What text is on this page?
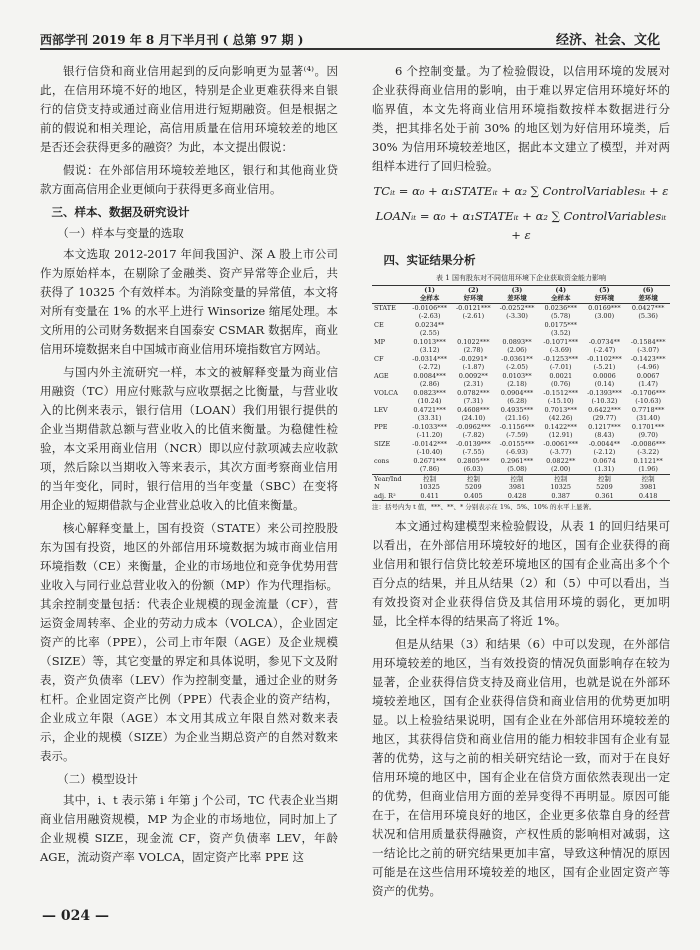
西部学刊 2019 年 8 月下半月刊 ( 总第 97 期 )	经济、社会、文化

银行信贷和商业信用起到的反向影响更为显著⁽⁴⁾。因此，在信用环境不好的地区，特别是企业更难获得来自银行的信贷支持或通过商业信用进行短期融资。但是根据之前的假说和相关理论，高信用质量在信用环境较差的地区是否还会获得更多的融资？为此，本文提出假说：

假说：在外部信用环境较差地区，银行和其他商业贷款方面高信用企业更倾向于获得更多商业信用。

三、样本、数据及研究设计
（一）样本与变量的选取

本文选取 2012-2017 年间我国沪、深 A 股上市公司作为原始样本，在剔除了金融类、资产异常等企业后，共获得了 10325 个有效样本。为消除变量的异常值，本文将对所有变量在 1% 的水平上进行 Winsorize 缩尾处理。本文所用的公司财务数据来自国泰安 CSMAR 数据库，商业信用环境数据来自中国城市商业信用环境指数官方网站。

与国内外主流研究一样，本文的被解释变量为商业信用融资（TC）用应付账款与应收票据之比衡量，与营业收入的比例来表示，银行信用（LOAN）我们用银行提供的企业当期借款总额与营业收入的比值来衡量。为稳健性检验，本文采用商业信用（NCR）即以应付款项减去应收款项，然后除以当期收入等来表示，其次方面考察商业信用的当年变化，同时，银行信用的当年变量（SBC）在变将用企业的短期借款与企业营业总收入的比值来衡量。

核心解释变量上，国有投资（STATE）来公司控股股东为国有投资，地区的外部信用环境数据为城市商业信用环境指数（CE）来衡量，企业的市场地位和竞争优势用营业收入与同行业总营业收入的份额（MP）作为代理指标。其余控制变量包括：代表企业规模的现金流量（CF），营运资金周转率、企业的劳动力成本（VOLCA），企业固定资产的比率（PPE），公司上市年限（AGE）及企业规模（SIZE）等，其它变量的界定和具体说明，参见下文及附表，资产负债率（LEV）作为控制变量，通过企业的财务杠杆。企业固定资产比例（PPE）代表企业的资产结构，企业成立年限（AGE）本文用其成立年限自然对数来表示，企业的规模（SIZE）为企业当期总资产的自然对数来表示。

（二）模型设计

其中，i、t 表示第 i 年第 j 个公司，TC 代表企业当期商业信用融资规模，MP 为企业的市场地位，同时加上了企业规模 SIZE，现金流 CF，资产负债率 LEV，年龄 AGE，流动资产率 VOLCA，固定资产比率 PPE 这

6 个控制变量。为了检验假设，以信用环境的发展对企业获得商业信用的影响，由于难以界定信用环境好坏的临界值，本文先将商业信用环境指数按样本数据进行分类，把其排名处于前 30% 的地区划为好信用环境类，后 30% 为信用环境较差地区，据此本文建立了模型，并对两组样本进行了回归检验。

TCᵢₜ = α₀ + α₁STATEᵢₜ + α₂ ∑ ControlVariablesᵢₜ + ε
LOANᵢₜ = α₀ + α₁STATEᵢₜ + α₂ ∑ ControlVariablesᵢₜ + ε
四、实证结果分析
表 1 国有股东对不同信用环境下企业获取资金能力影响
	(1)	(2)	(3)	(4)	(5)	(6)
	全样本	好环境	差环境	全样本	好环境	差环境
STATE	-0.0106***	-0.0121***	-0.0252***	0.0236***	0.0169***	0.0427***
	(-2.63)	(-2.61)	(-3.30)	(5.78)	(3.00)	(5.36)
CE	0.0234**			0.0175***		
	(2.55)			(3.52)		
MP	0.1013***	0.1022***	0.0893**	-0.1071***	-0.0734**	-0.1584***
	(3.12)	(2.78)	(2.06)	(-3.69)	(-2.47)	(-3.07)
CF	-0.0314***	-0.0291*	-0.0361**	-0.1253***	-0.1102***	-0.1423***
	(-2.72)	(-1.87)	(-2.05)	(-7.01)	(-5.21)	(-4.96)
AGE	0.0084***	0.0092**	0.0103**	0.0021	0.0006	0.0067
	(2.86)	(2.31)	(2.18)	(0.76)	(0.14)	(1.47)
VOLCA	0.0823***	0.0782***	0.0904***	-0.1512***	-0.1393***	-0.1706***
	(10.24)	(7.31)	(6.28)	(-15.10)	(-10.32)	(-10.63)
LEV	0.4721***	0.4608***	0.4935***	0.7013***	0.6422***	0.7718***
	(33.31)	(24.10)	(21.16)	(42.26)	(29.77)	(31.40)
PPE	-0.1033***	-0.0962***	-0.1156***	0.1422***	0.1217***	0.1701***
	(-11.20)	(-7.82)	(-7.59)	(12.91)	(8.43)	(9.70)
SIZE	-0.0142***	-0.0139***	-0.0155***	-0.0061***	-0.0044**	-0.0086***
	(-10.40)	(-7.55)	(-6.93)	(-3.77)	(-2.12)	(-3.22)
cons	0.2671***	0.2805***	0.2961***	0.0822**	0.0674	0.1121**
	(7.86)	(6.03)	(5.08)	(2.00)	(1.31)	(1.96)
Year/Ind	控制	控制	控制	控制	控制	控制
N	10325	5209	3981	10325	5209	3981
adj. R²	0.411	0.405	0.428	0.387	0.361	0.418
注：括号内为 t 值，***、**、* 分别表示在 1%、5%、10% 的水平上显著。

本文通过构建模型来检验假设，从表 1 的回归结果可以看出，在外部信用环境较好的地区，国有企业获得的商业信用和银行信贷比较差环境地区的国有企业高出多个个百分点的结果，并且从结果（2）和（5）中可以看出，当有效投资对企业获得信贷及其信用环境的弱化，更加明显，比全样本得的结果高了将近 1%。

但是从结果（3）和结果（6）中可以发现，在外部信用环境较差的地区，当有效投资的情况负面影响存在较为显著，企业获得信贷支持及商业信用，也就是说在外部环境较差地区，国有企业获得信贷和商业信用的优势更加明显。以上检验结果说明，国有企业在外部信用环境较差的地区，其获得信贷和商业信用的能力相较非国有企业有显著的优势，这与之前的相关研究结论一致，而对于在良好信用环境的地区中，国有企业在信贷方面依然表现出一定的优势，但商业信用方面的差异变得不再明显。原因可能在于，在信用环境良好的地区，企业更多依靠自身的经营状况和信用质量获得融资，产权性质的影响相对减弱，这一结论比之前的研究结果更加丰富，导致这种情况的原因可能是在这些信用环境较差的地区，国有企业固定资产等资产的优势。

— 024 —
